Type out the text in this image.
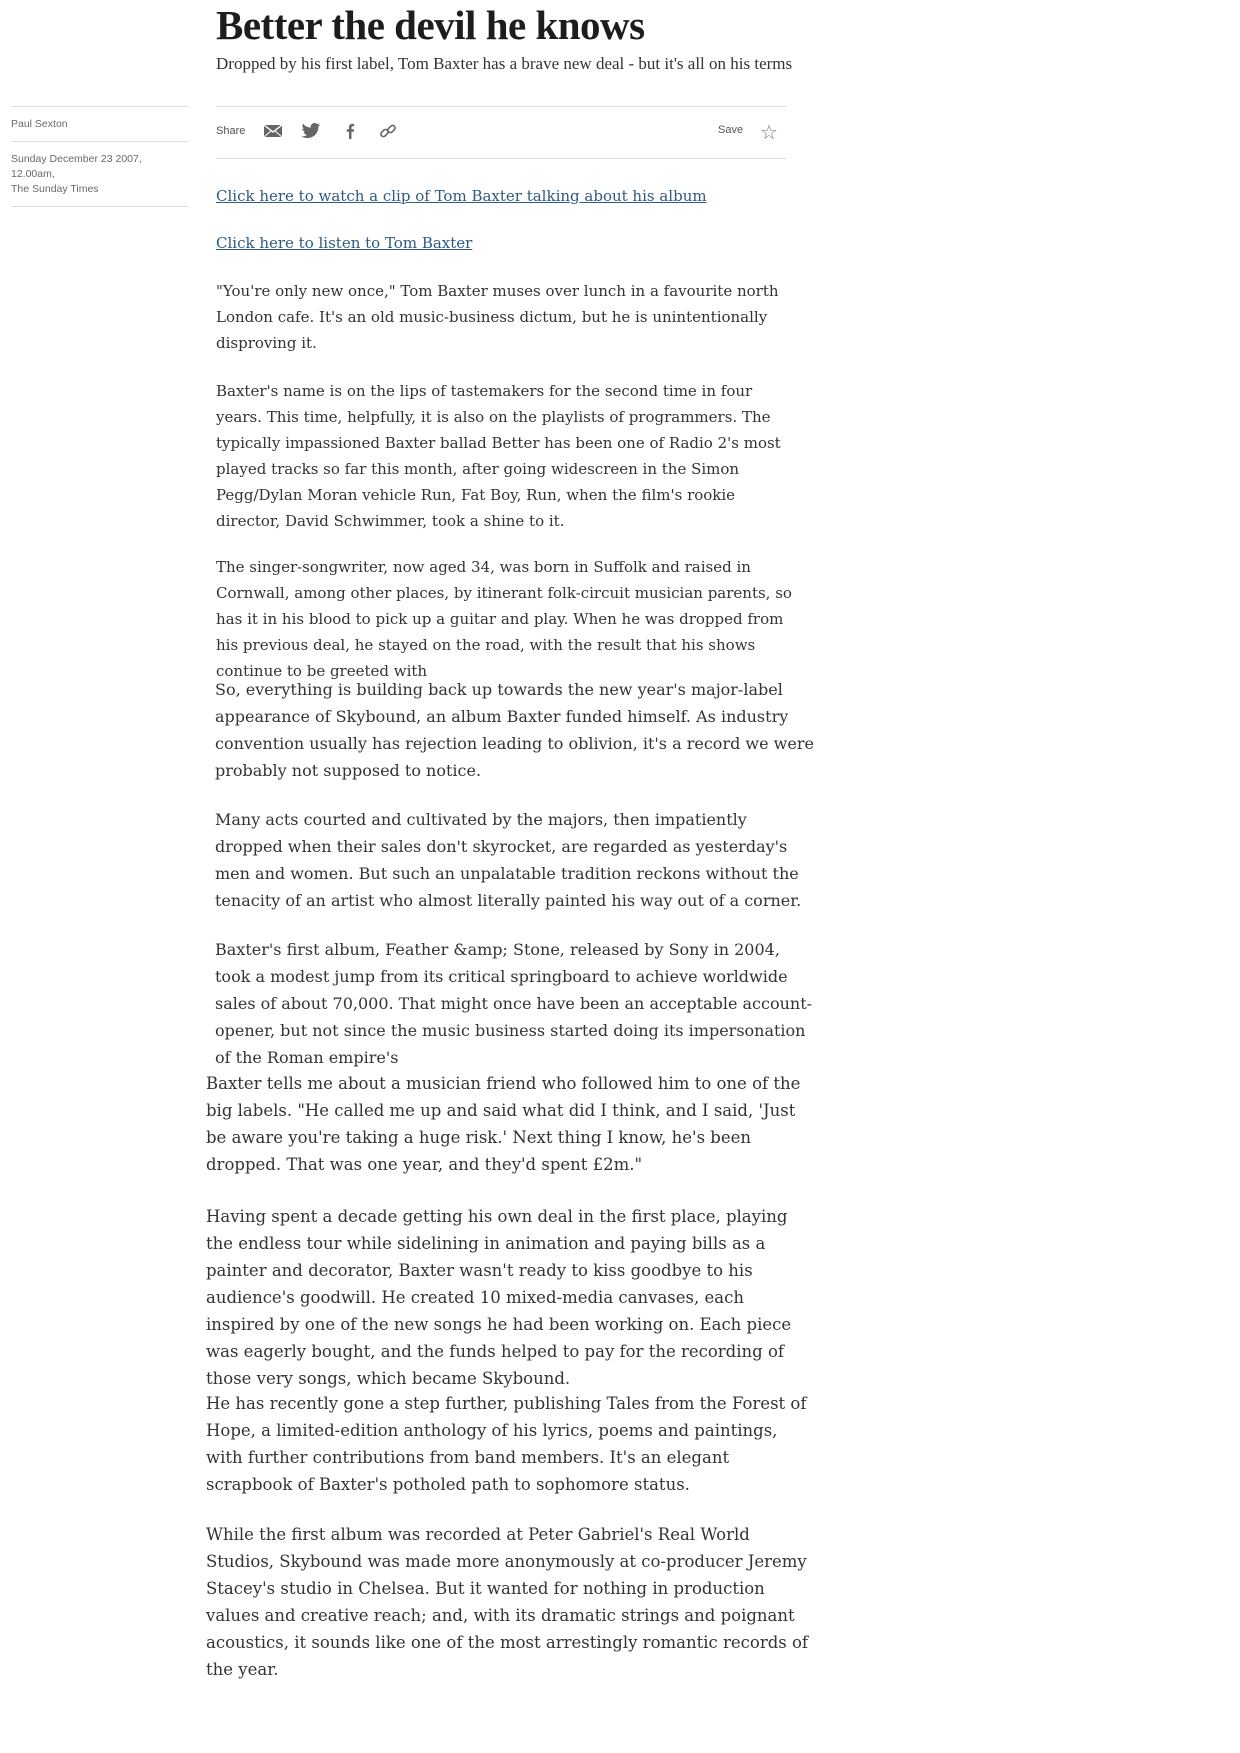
Better the devil he knows

Dropped by his first label, Tom Baxter has a brave new deal - but it's all on his terms

Paul Sexton
Sunday December 23 2007, 12.00am,
The Sunday Times
Share	Save ☆
Click here to watch a clip of Tom Baxter talking about his album
Click here to listen to Tom Baxter

"You're only new once," Tom Baxter muses over lunch in a favourite north London cafe. It's an old music-business dictum, but he is unintentionally disproving it.

Baxter's name is on the lips of tastemakers for the second time in four years. This time, helpfully, it is also on the playlists of programmers. The typically impassioned Baxter ballad Better has been one of Radio 2's most played tracks so far this month, after going widescreen in the Simon Pegg/Dylan Moran vehicle Run, Fat Boy, Run, when the film's rookie director, David Schwimmer, took a shine to it.

The singer-songwriter, now aged 34, was born in Suffolk and raised in Cornwall, among other places, by itinerant folk-circuit musician parents, so has it in his blood to pick up a guitar and play. When he was dropped from his previous deal, he stayed on the road, with the result that his shows continue to be greeted with

So, everything is building back up towards the new year's major-label appearance of Skybound, an album Baxter funded himself. As industry convention usually has rejection leading to oblivion, it's a record we were probably not supposed to notice.

Many acts courted and cultivated by the majors, then impatiently dropped when their sales don't skyrocket, are regarded as yesterday's men and women. But such an unpalatable tradition reckons without the tenacity of an artist who almost literally painted his way out of a corner.

Baxter's first album, Feather &amp; Stone, released by Sony in 2004, took a modest jump from its critical springboard to achieve worldwide sales of about 70,000. That might once have been an acceptable account-opener, but not since the music business started doing its impersonation of the Roman empire's

Baxter tells me about a musician friend who followed him to one of the big labels. "He called me up and said what did I think, and I said, 'Just be aware you're taking a huge risk.' Next thing I know, he's been dropped. That was one year, and they'd spent £2m."

Having spent a decade getting his own deal in the first place, playing the endless tour while sidelining in animation and paying bills as a painter and decorator, Baxter wasn't ready to kiss goodbye to his audience's goodwill. He created 10 mixed-media canvases, each inspired by one of the new songs he had been working on. Each piece was eagerly bought, and the funds helped to pay for the recording of those very songs, which became Skybound.

He has recently gone a step further, publishing Tales from the Forest of Hope, a limited-edition anthology of his lyrics, poems and paintings, with further contributions from band members. It's an elegant scrapbook of Baxter's potholed path to sophomore status.

While the first album was recorded at Peter Gabriel's Real World Studios, Skybound was made more anonymously at co-producer Jeremy Stacey's studio in Chelsea. But it wanted for nothing in production values and creative reach; and, with its dramatic strings and poignant acoustics, it sounds like one of the most arrestingly romantic records of the year.
